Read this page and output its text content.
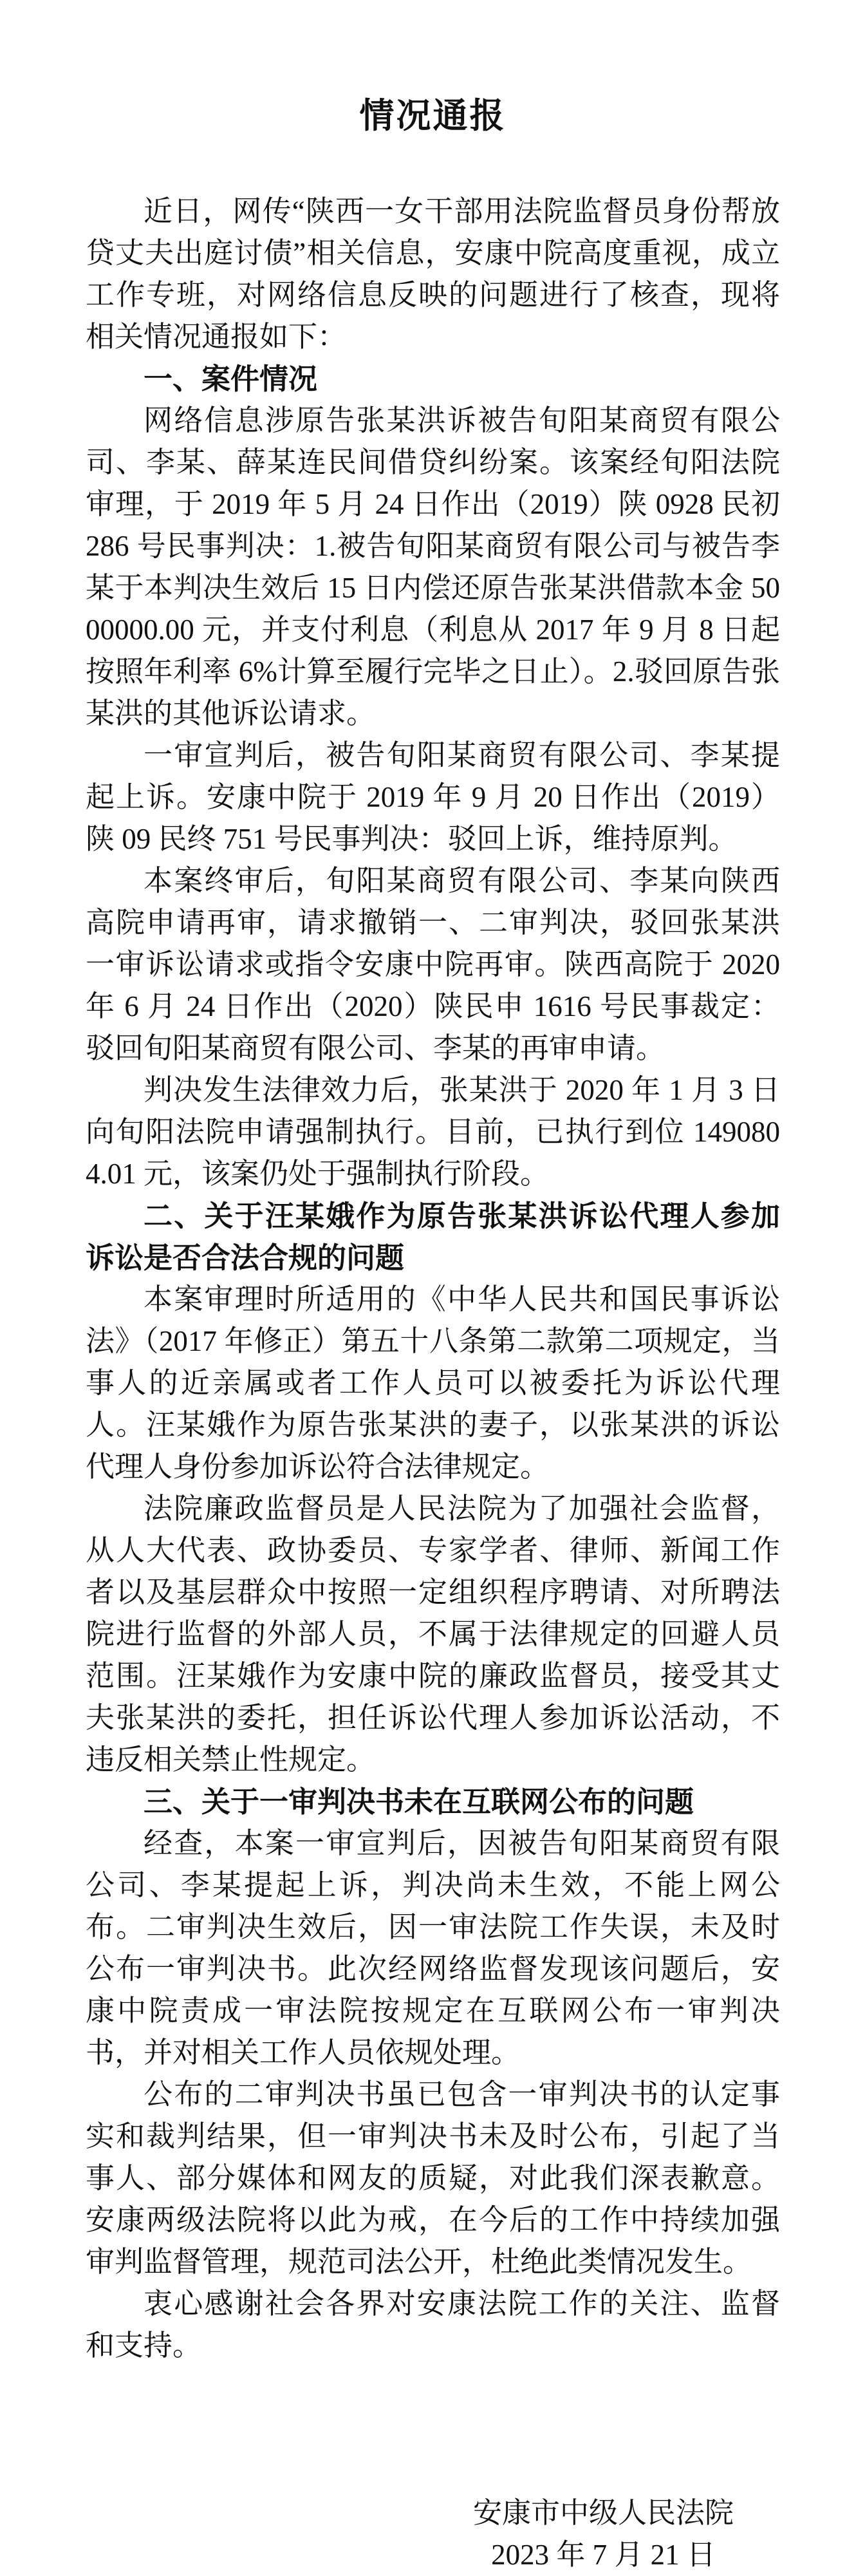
情况通报

近日，网传“陕西一女干部用法院监督员身份帮放贷丈夫出庭讨债”相关信息，安康中院高度重视，成立工作专班，对网络信息反映的问题进行了核查，现将相关情况通报如下：

一、案件情况

网络信息涉原告张某洪诉被告旬阳某商贸有限公司、李某、薛某连民间借贷纠纷案。该案经旬阳法院审理，于 2019 年 5 月 24 日作出（2019）陕 0928 民初 286 号民事判决：1.被告旬阳某商贸有限公司与被告李某于本判决生效后 15 日内偿还原告张某洪借款本金 5000000.00 元，并支付利息（利息从 2017 年 9 月 8 日起按照年利率 6%计算至履行完毕之日止）。2.驳回原告张某洪的其他诉讼请求。

一审宣判后，被告旬阳某商贸有限公司、李某提起上诉。安康中院于 2019 年 9 月 20 日作出（2019）陕 09 民终 751 号民事判决：驳回上诉，维持原判。

本案终审后，旬阳某商贸有限公司、李某向陕西高院申请再审，请求撤销一、二审判决，驳回张某洪一审诉讼请求或指令安康中院再审。陕西高院于 2020 年 6 月 24 日作出（2020）陕民申 1616 号民事裁定：驳回旬阳某商贸有限公司、李某的再审申请。

判决发生法律效力后，张某洪于 2020 年 1 月 3 日向旬阳法院申请强制执行。目前，已执行到位 1490804.01 元，该案仍处于强制执行阶段。

二、关于汪某娥作为原告张某洪诉讼代理人参加诉讼是否合法合规的问题

本案审理时所适用的《中华人民共和国民事诉讼法》（2017 年修正）第五十八条第二款第二项规定，当事人的近亲属或者工作人员可以被委托为诉讼代理人。汪某娥作为原告张某洪的妻子，以张某洪的诉讼代理人身份参加诉讼符合法律规定。

法院廉政监督员是人民法院为了加强社会监督，从人大代表、政协委员、专家学者、律师、新闻工作者以及基层群众中按照一定组织程序聘请、对所聘法院进行监督的外部人员，不属于法律规定的回避人员范围。汪某娥作为安康中院的廉政监督员，接受其丈夫张某洪的委托，担任诉讼代理人参加诉讼活动，不违反相关禁止性规定。

三、关于一审判决书未在互联网公布的问题

经查，本案一审宣判后，因被告旬阳某商贸有限公司、李某提起上诉，判决尚未生效，不能上网公布。二审判决生效后，因一审法院工作失误，未及时公布一审判决书。此次经网络监督发现该问题后，安康中院责成一审法院按规定在互联网公布一审判决书，并对相关工作人员依规处理。

公布的二审判决书虽已包含一审判决书的认定事实和裁判结果，但一审判决书未及时公布，引起了当事人、部分媒体和网友的质疑，对此我们深表歉意。安康两级法院将以此为戒，在今后的工作中持续加强审判监督管理，规范司法公开，杜绝此类情况发生。

衷心感谢社会各界对安康法院工作的关注、监督和支持。

安康市中级人民法院
2023 年 7 月 21 日
